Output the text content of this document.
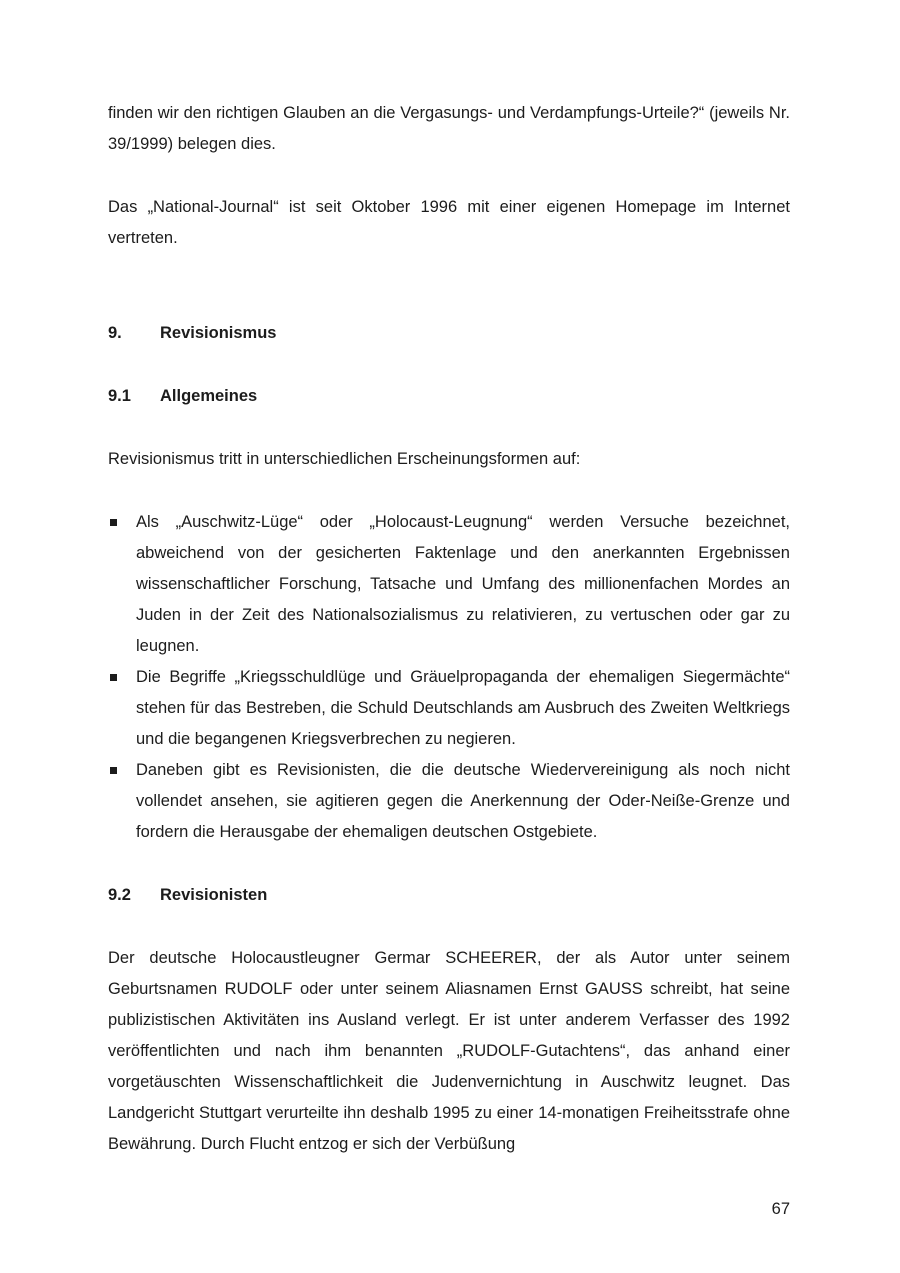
finden wir den richtigen Glauben an die Vergasungs- und Verdampfungs-Urteile?“ (jeweils Nr. 39/1999) belegen dies.

Das „National-Journal“ ist seit Oktober 1996 mit einer eigenen Homepage im Internet vertreten.

9. Revisionismus
9.1 Allgemeines

Revisionismus tritt in unterschiedlichen Erscheinungsformen auf:

Als „Auschwitz-Lüge“ oder „Holocaust-Leugnung“ werden Versuche bezeichnet, abweichend von der gesicherten Faktenlage und den anerkannten Ergebnissen wissenschaftlicher Forschung, Tatsache und Umfang des millionenfachen Mordes an Juden in der Zeit des Nationalsozialismus zu relativieren, zu vertuschen oder gar zu leugnen.
Die Begriffe „Kriegsschuldlüge und Gräuelpropaganda der ehemaligen Siegermächte“ stehen für das Bestreben, die Schuld Deutschlands am Ausbruch des Zweiten Weltkriegs und die begangenen Kriegsverbrechen zu negieren.
Daneben gibt es Revisionisten, die die deutsche Wiedervereinigung als noch nicht vollendet ansehen, sie agitieren gegen die Anerkennung der Oder-Neiße-Grenze und fordern die Herausgabe der ehemaligen deutschen Ostgebiete.
9.2 Revisionisten

Der deutsche Holocaustleugner Germar SCHEERER, der als Autor unter seinem Geburtsnamen RUDOLF oder unter seinem Aliasnamen Ernst GAUSS schreibt, hat seine publizistischen Aktivitäten ins Ausland verlegt. Er ist unter anderem Verfasser des 1992 veröffentlichten und nach ihm benannten „RUDOLF-Gutachtens“, das anhand einer vorgetäuschten Wissenschaftlichkeit die Judenvernichtung in Auschwitz leugnet. Das Landgericht Stuttgart verurteilte ihn deshalb 1995 zu einer 14-monatigen Freiheitsstrafe ohne Bewährung. Durch Flucht entzog er sich der Verbüßung

67
